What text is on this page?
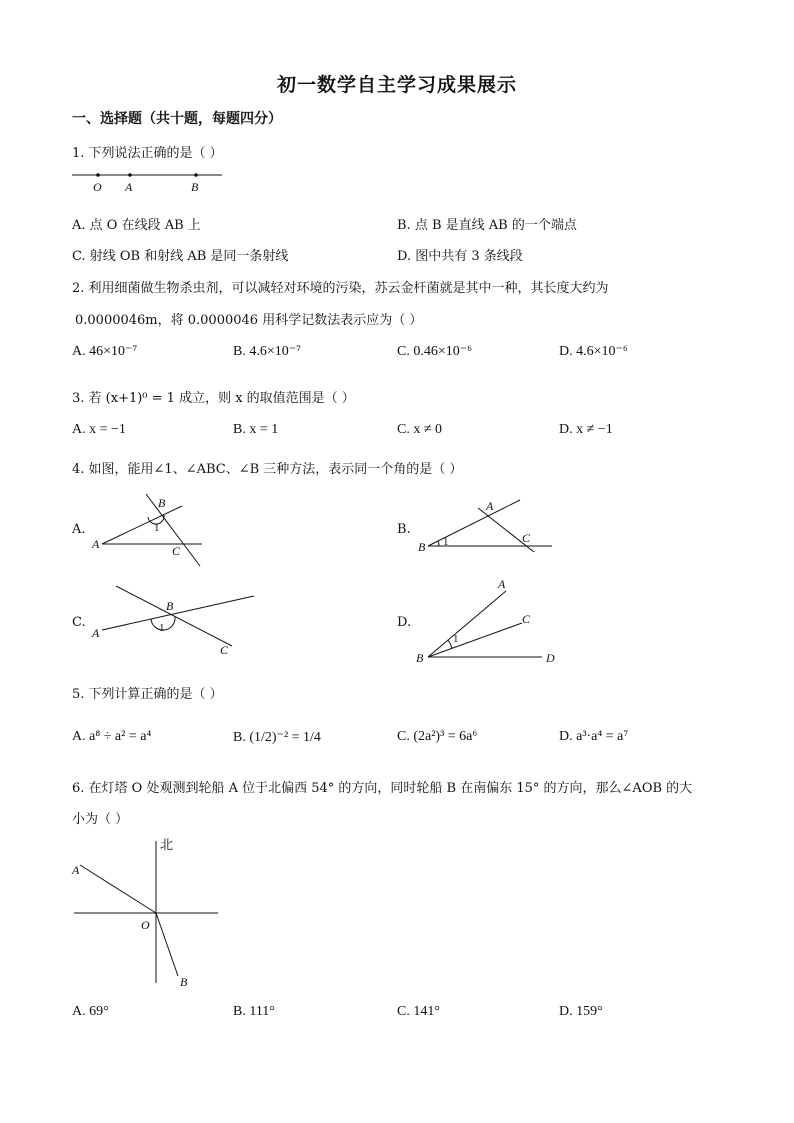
初一数学自主学习成果展示
一、选择题（共十题，每题四分）
1. 下列说法正确的是（ ）
O A	B
A. 点 O 在线段 AB 上	B. 点 B 是直线 AB 的一个端点
C. 射线 OB 和射线 AB 是同一条射线	D. 图中共有 3 条线段
2. 利用细菌做生物杀虫剂，可以减轻对环境的污染，苏云金杆菌就是其中一种，其长度大约为
0.0000046m，将 0.0000046 用科学记数法表示应为（ ）
A. 46×10⁻⁷	B. 4.6×10⁻⁷	C. 0.46×10⁻⁶	D. 4.6×10⁻⁶
3. 若 (x+1)⁰ = 1 成立，则 x 的取值范围是（ ）
A. x = −1	B. x = 1	C. x ≠ 0	D. x ≠ −1
4. 如图，能用∠1、∠ABC、∠B 三种方法，表示同一个角的是（ ）
A.
B
1
A	C
B.
A
B 1	C
C.
B
A	1
C
D.
A
C
1
B	D
5. 下列计算正确的是（ ）
A. a⁸ ÷ a² = a⁴	B. (1/2)⁻² = 1/4	C. (2a²)³ = 6a⁶	D. a³·a⁴ = a⁷
6. 在灯塔 O 处观测到轮船 A 位于北偏西 54° 的方向，同时轮船 B 在南偏东 15° 的方向，那么∠AOB 的大
小为（ ）
北
A
O
B
A. 69°	B. 111°	C. 141°	D. 159°
